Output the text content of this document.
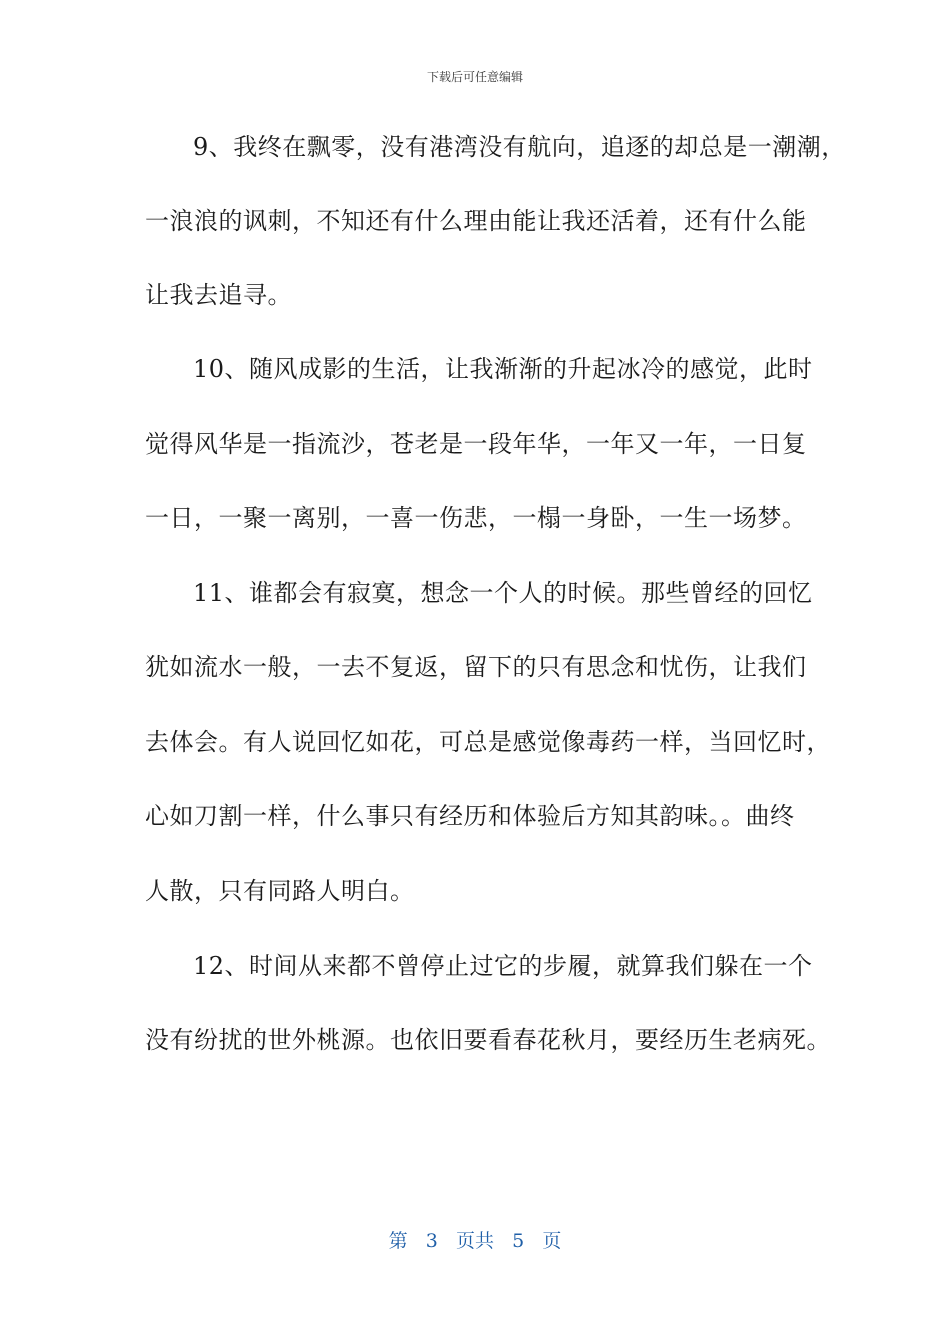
下载后可任意编辑
9、我终在飘零，没有港湾没有航向，追逐的却总是一潮潮，
一浪浪的讽刺，不知还有什么理由能让我还活着，还有什么能
让我去追寻。
10、随风成影的生活，让我渐渐的升起冰冷的感觉，此时
觉得风华是一指流沙，苍老是一段年华，一年又一年，一日复
一日，一聚一离别，一喜一伤悲，一榻一身卧，一生一场梦。
11、谁都会有寂寞，想念一个人的时候。那些曾经的回忆
犹如流水一般，一去不复返，留下的只有思念和忧伤，让我们
去体会。有人说回忆如花，可总是感觉像毒药一样，当回忆时，
心如刀割一样，什么事只有经历和体验后方知其韵味。。曲终
人散，只有同路人明白。
12、时间从来都不曾停止过它的步履，就算我们躲在一个
没有纷扰的世外桃源。也依旧要看春花秋月，要经历生老病死。
第 3 页共 5 页
